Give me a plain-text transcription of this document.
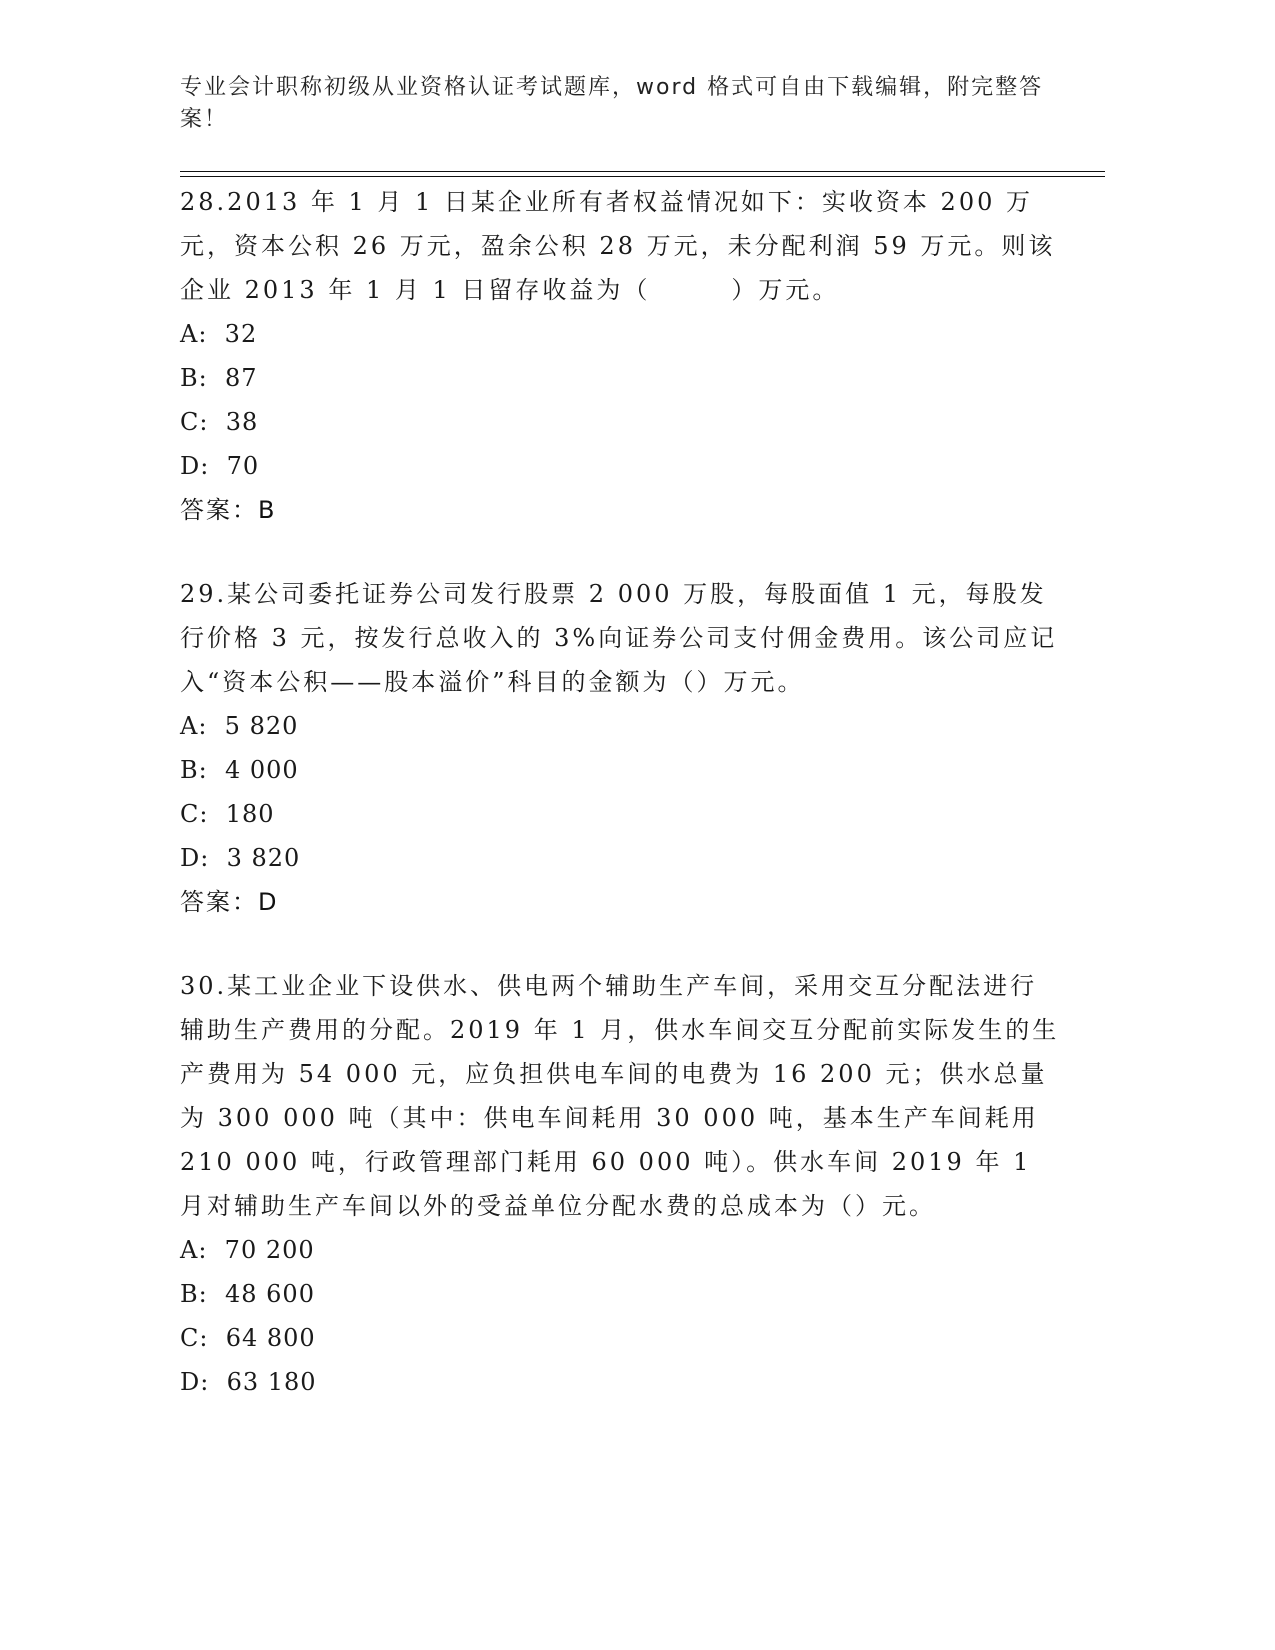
专业会计职称初级从业资格认证考试题库，word 格式可自由下载编辑，附完整答案！

28.2013 年 1 月 1 日某企业所有者权益情况如下：实收资本 200 万元，资本公积 26 万元，盈余公积 28 万元，未分配利润 59 万元。则该企业 2013 年 1 月 1 日留存收益为（　　　）万元。

A:  32

B:  87

C:  38

D:  70

答案：B

29.某公司委托证券公司发行股票 2 000 万股，每股面值 1 元，每股发行价格 3 元，按发行总收入的 3%向证券公司支付佣金费用。该公司应记入“资本公积——股本溢价”科目的金额为（）万元。

A:  5 820

B:  4 000

C:  180

D:  3 820

答案：D

30.某工业企业下设供水、供电两个辅助生产车间，采用交互分配法进行辅助生产费用的分配。2019 年 1 月，供水车间交互分配前实际发生的生产费用为 54 000 元，应负担供电车间的电费为 16 200 元；供水总量为 300 000 吨（其中：供电车间耗用 30 000 吨，基本生产车间耗用 210 000 吨，行政管理部门耗用 60 000 吨）。供水车间 2019 年 1 月对辅助生产车间以外的受益单位分配水费的总成本为（）元。

A:  70 200

B:  48 600

C:  64 800

D:  63 180
